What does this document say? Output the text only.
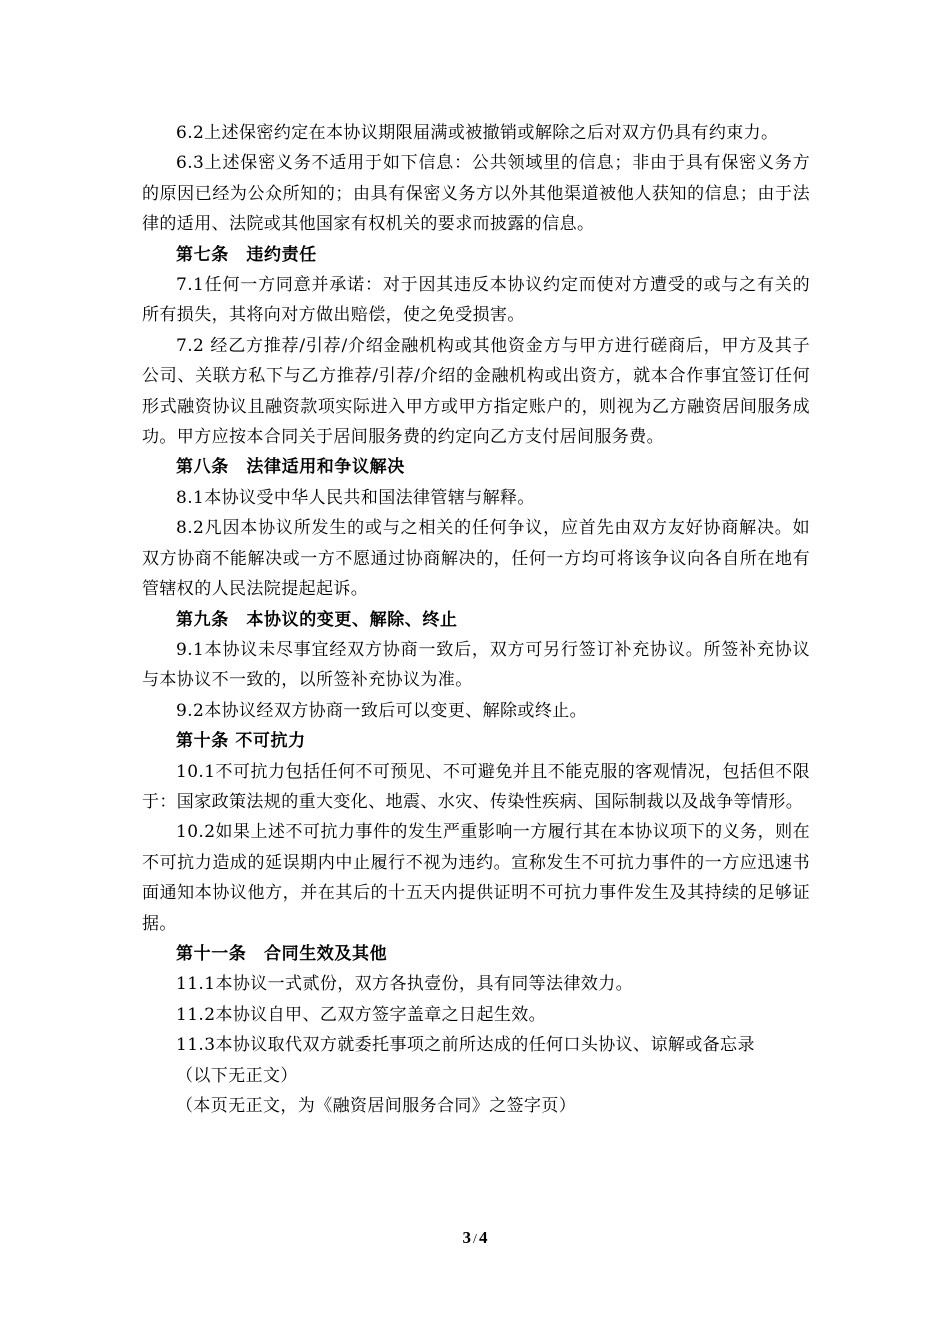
6.2上述保密约定在本协议期限届满或被撤销或解除之后对双方仍具有约束力。

6.3上述保密义务不适用于如下信息：公共领域里的信息；非由于具有保密义务方的原因已经为公众所知的；由具有保密义务方以外其他渠道被他人获知的信息；由于法律的适用、法院或其他国家有权机关的要求而披露的信息。

第七条　违约责任

7.1任何一方同意并承诺：对于因其违反本协议约定而使对方遭受的或与之有关的所有损失，其将向对方做出赔偿，使之免受损害。

7.2 经乙方推荐/引荐/介绍金融机构或其他资金方与甲方进行磋商后，甲方及其子公司、关联方私下与乙方推荐/引荐/介绍的金融机构或出资方，就本合作事宜签订任何形式融资协议且融资款项实际进入甲方或甲方指定账户的，则视为乙方融资居间服务成功。甲方应按本合同关于居间服务费的约定向乙方支付居间服务费。

第八条　法律适用和争议解决

8.1本协议受中华人民共和国法律管辖与解释。

8.2凡因本协议所发生的或与之相关的任何争议，应首先由双方友好协商解决。如双方协商不能解决或一方不愿通过协商解决的，任何一方均可将该争议向各自所在地有管辖权的人民法院提起起诉。

第九条　本协议的变更、解除、终止

9.1本协议未尽事宜经双方协商一致后，双方可另行签订补充协议。所签补充协议与本协议不一致的，以所签补充协议为准。

9.2本协议经双方协商一致后可以变更、解除或终止。

第十条 不可抗力

10.1不可抗力包括任何不可预见、不可避免并且不能克服的客观情况，包括但不限于：国家政策法规的重大变化、地震、水灾、传染性疾病、国际制裁以及战争等情形。

10.2如果上述不可抗力事件的发生严重影响一方履行其在本协议项下的义务，则在不可抗力造成的延误期内中止履行不视为违约。宣称发生不可抗力事件的一方应迅速书面通知本协议他方，并在其后的十五天内提供证明不可抗力事件发生及其持续的足够证据。

第十一条　合同生效及其他

11.1本协议一式贰份，双方各执壹份，具有同等法律效力。

11.2本协议自甲、乙双方签字盖章之日起生效。

11.3本协议取代双方就委托事项之前所达成的任何口头协议、谅解或备忘录

（以下无正文）

（本页无正文，为《融资居间服务合同》之签字页）

3 / 4
